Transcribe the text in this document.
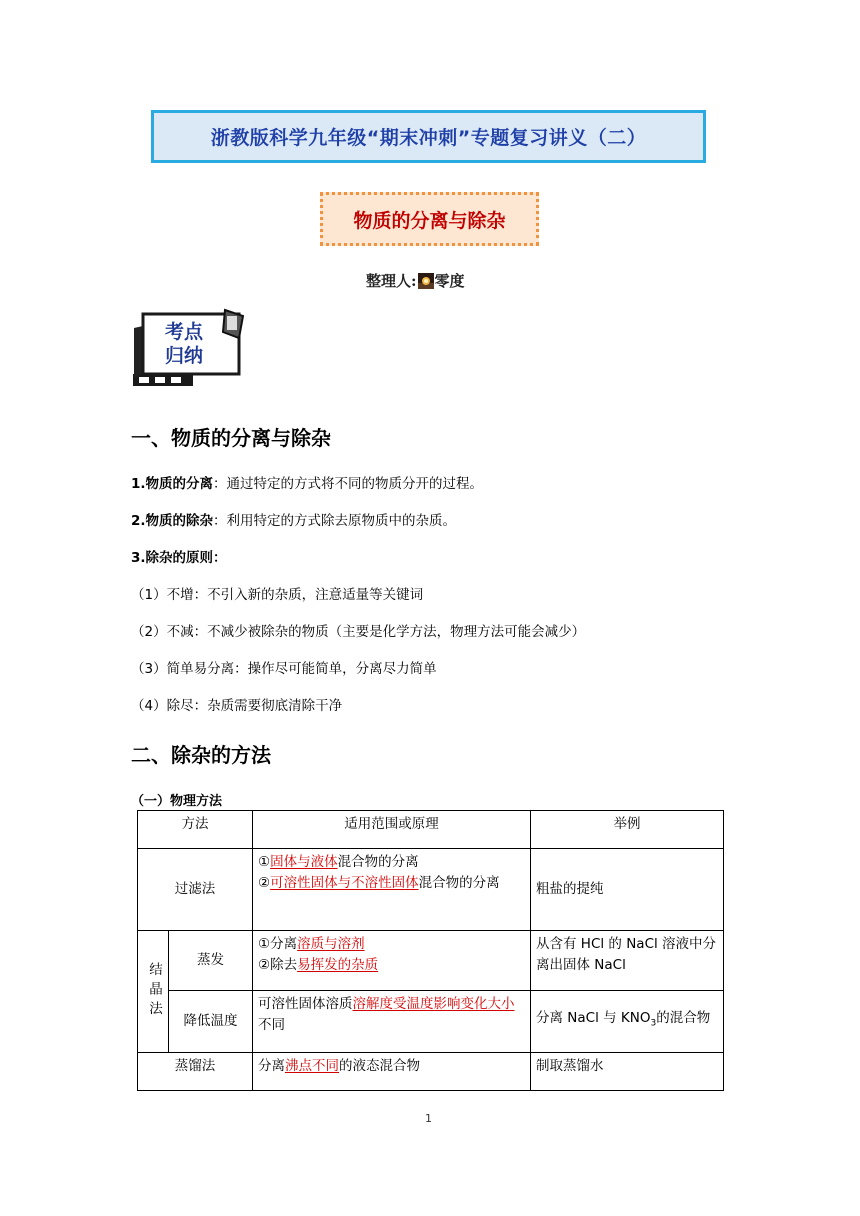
浙教版科学九年级“期末冲刺”专题复习讲义（二）
物质的分离与除杂
整理人: 零度
考点
归纳
一、物质的分离与除杂
1.物质的分离：通过特定的方式将不同的物质分开的过程。
2.物质的除杂：利用特定的方式除去原物质中的杂质。
3.除杂的原则：
（1）不增：不引入新的杂质，注意适量等关键词
（2）不减：不减少被除杂的物质（主要是化学方法，物理方法可能会减少）
（3）简单易分离：操作尽可能简单，分离尽力简单
（4）除尽：杂质需要彻底清除干净
二、除杂的方法
（一）物理方法
方法		适用范围或原理	举例
过滤法		①固体与液体混合物的分离
②可溶性固体与不溶性固体混合物的分离	粗盐的提纯

结晶法	蒸发	①分离溶质与溶剂
②除去易挥发的杂质	从含有 HCl 的 NaCl 溶液中分离出固体 NaCl
	降低温度	可溶性固体溶质溶解度受温度影响变化大小不同	分离 NaCl 与 $KNO_3$的混合物
蒸馏法		分离沸点不同的液态混合物	制取蒸馏水
1
